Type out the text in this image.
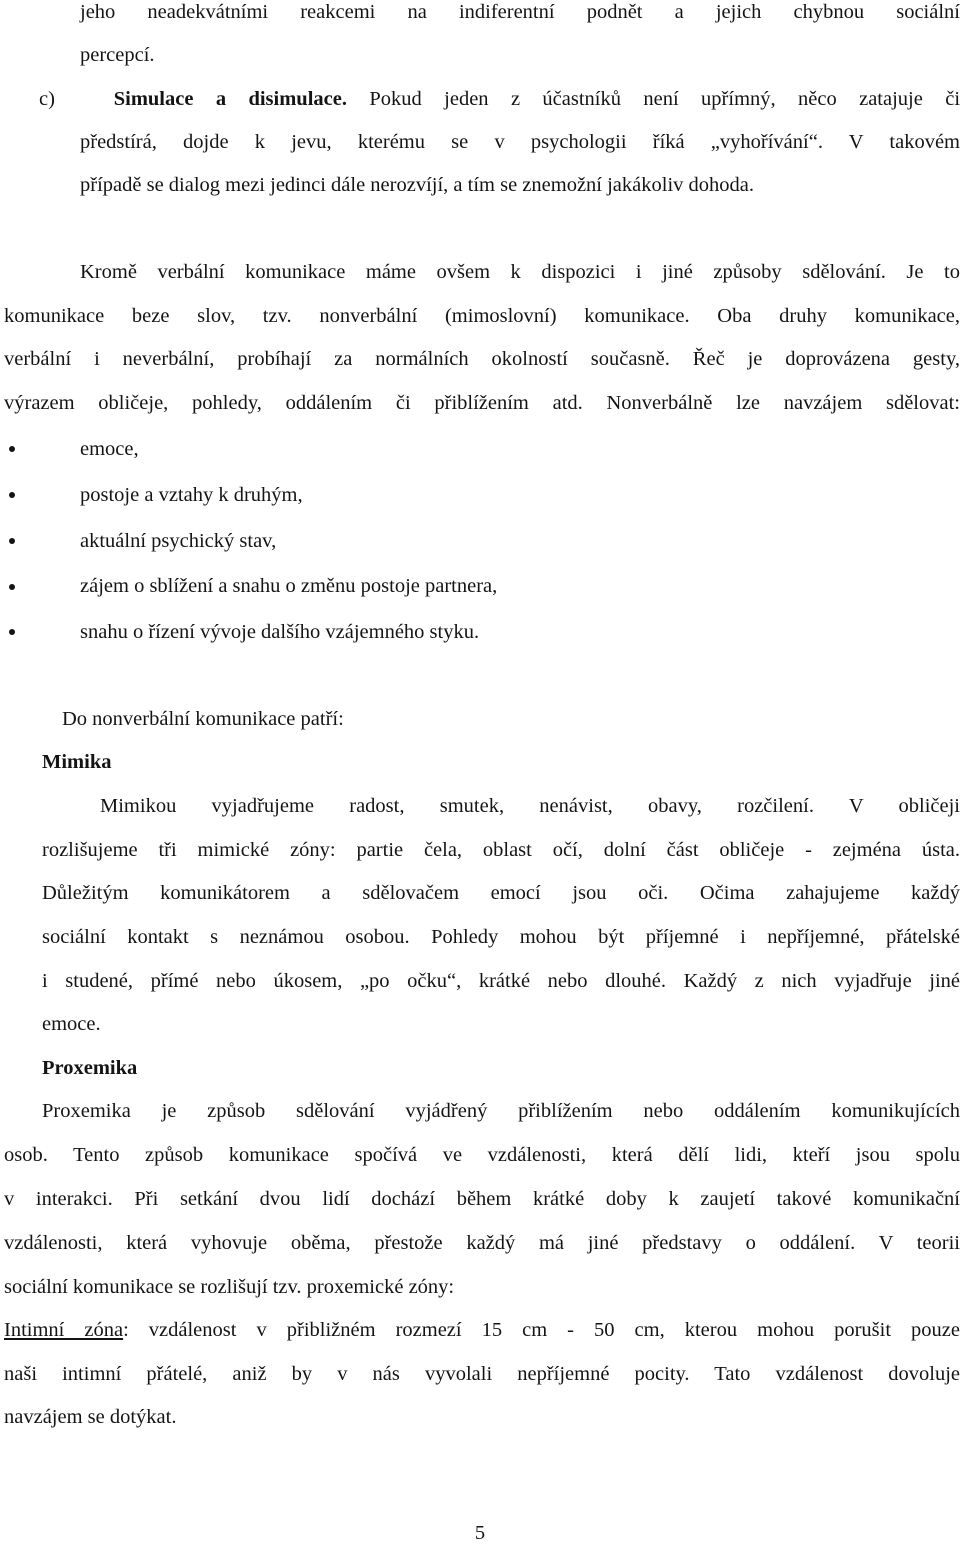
jeho neadekvátními reakcemi na indiferentní podnět a jejich chybnou sociální

percepcí.

c)	Simulace a disimulace. Pokud jeden z účastníků není upřímný, něco zatajuje či

předstírá, dojde k jevu, kterému se v psychologii říká „vyhořívání“. V takovém

případě se dialog mezi jedinci dále nerozvíjí, a tím se znemožní jakákoliv dohoda.

Kromě verbální komunikace máme ovšem k dispozici i jiné způsoby sdělování. Je to

komunikace beze slov, tzv. nonverbální (mimoslovní) komunikace. Oba druhy komunikace,

verbální i neverbální, probíhají za normálních okolností současně. Řeč je doprovázena gesty,

výrazem obličeje, pohledy, oddálením či přiblížením atd. Nonverbálně lze navzájem sdělovat:

emoce,

postoje a vztahy k druhým,

aktuální psychický stav,

zájem o sblížení a snahu o změnu postoje partnera,

snahu o řízení vývoje dalšího vzájemného styku.

Do nonverbální komunikace patří:

Mimika

Mimikou vyjadřujeme radost, smutek, nenávist, obavy, rozčilení. V obličeji

rozlišujeme tři mimické zóny: partie čela, oblast očí, dolní část obličeje - zejména ústa.

Důležitým komunikátorem a sdělovačem emocí jsou oči. Očima zahajujeme každý

sociální kontakt s neznámou osobou. Pohledy mohou být příjemné i nepříjemné, přátelské

i studené, přímé nebo úkosem, „po očku“, krátké nebo dlouhé. Každý z nich vyjadřuje jiné

emoce.

Proxemika

Proxemika je způsob sdělování vyjádřený přiblížením nebo oddálením komunikujících

osob. Tento způsob komunikace spočívá ve vzdálenosti, která dělí lidi, kteří jsou spolu

v interakci. Při setkání dvou lidí dochází během krátké doby k zaujetí takové komunikační

vzdálenosti, která vyhovuje oběma, přestože každý má jiné představy o oddálení. V teorii

sociální komunikace se rozlišují tzv. proxemické zóny:

Intimní zóna: vzdálenost v přibližném rozmezí 15 cm - 50 cm, kterou mohou porušit pouze

naši intimní přátelé, aniž by v nás vyvolali nepříjemné pocity. Tato vzdálenost dovoluje

navzájem se dotýkat.

5
